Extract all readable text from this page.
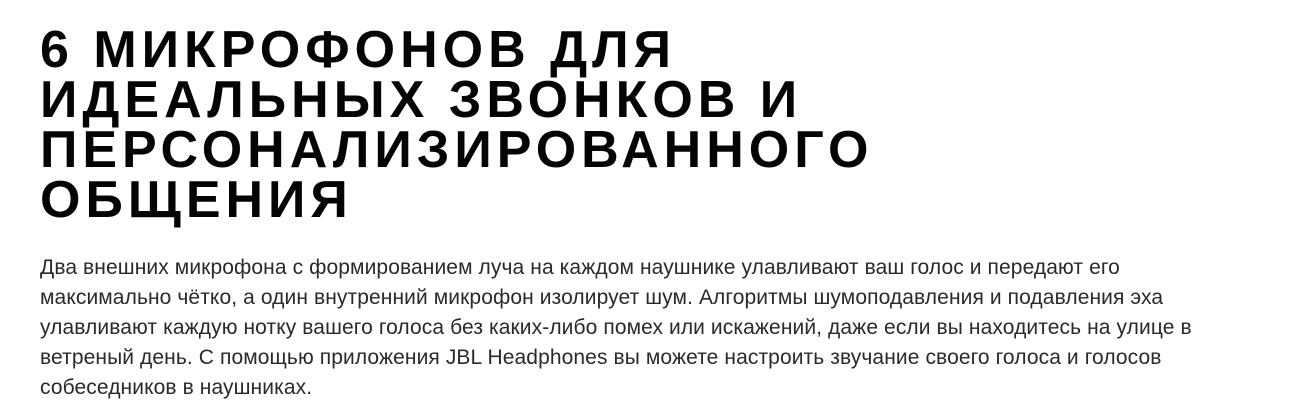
6 МИКРОФОНОВ ДЛЯ ИДЕАЛЬНЫХ ЗВОНКОВ И ПЕРСОНАЛИЗИРОВАННОГО ОБЩЕНИЯ

Два внешних микрофона с формированием луча на каждом наушнике улавливают ваш голос и передают его максимально чётко, а один внутренний микрофон изолирует шум. Алгоритмы шумоподавления и подавления эха улавливают каждую нотку вашего голоса без каких-либо помех или искажений, даже если вы находитесь на улице в ветреный день. С помощью приложения JBL Headphones вы можете настроить звучание своего голоса и голосов собеседников в наушниках.
